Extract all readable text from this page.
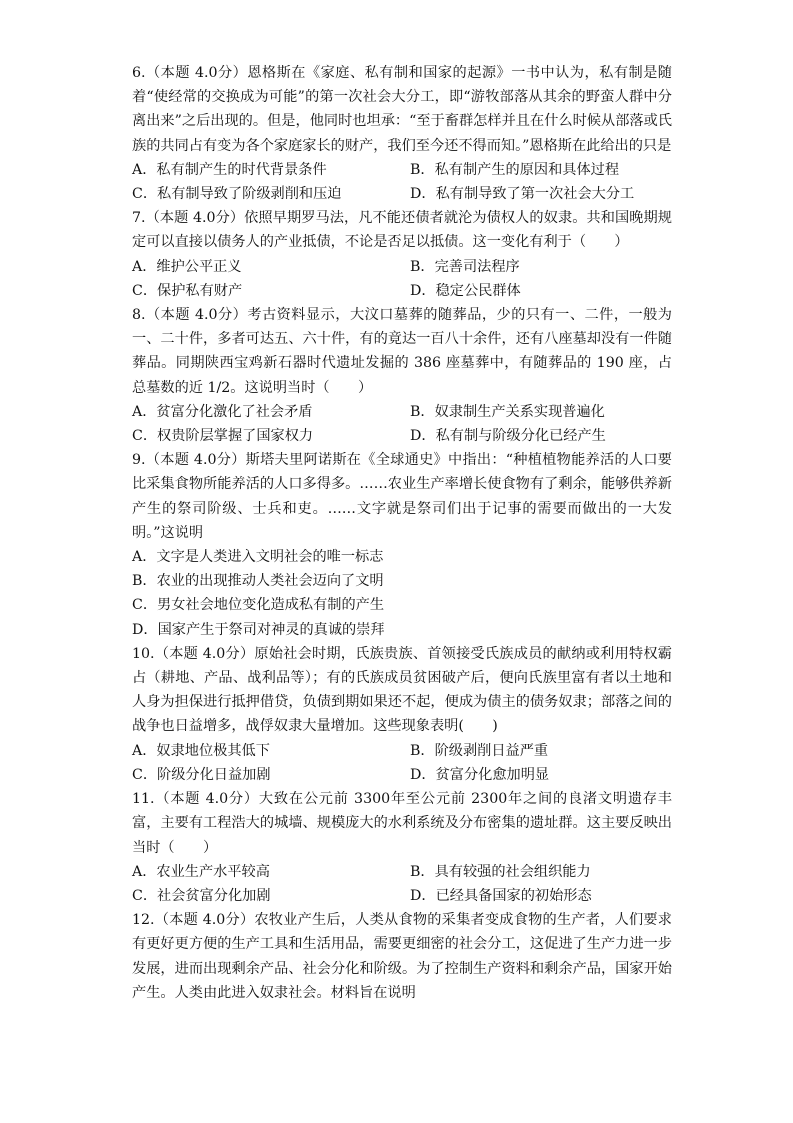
6.（本题 4.0分）恩格斯在《家庭、私有制和国家的起源》一书中认为，私有制是随着“使经常的交换成为可能”的第一次社会大分工，即“游牧部落从其余的野蛮人群中分离出来”之后出现的。但是，他同时也坦承：“至于畜群怎样并且在什么时候从部落或氏族的共同占有变为各个家庭家长的财产，我们至今还不得而知。”恩格斯在此给出的只是

A．私有制产生的时代背景条件	B．私有制产生的原因和具体过程

C．私有制导致了阶级剥削和压迫	D．私有制导致了第一次社会大分工

7.（本题 4.0分）依照早期罗马法，凡不能还债者就沦为债权人的奴隶。共和国晚期规定可以直接以债务人的产业抵债，不论是否足以抵债。这一变化有利于（　　）

A．维护公平正义	B．完善司法程序

C．保护私有财产	D．稳定公民群体

8.（本题 4.0分）考古资料显示，大汶口墓葬的随葬品，少的只有一、二件，一般为一、二十件，多者可达五、六十件，有的竟达一百八十余件，还有八座墓却没有一件随葬品。同期陕西宝鸡新石器时代遗址发掘的 386 座墓葬中，有随葬品的 190 座，占总墓数的近 1/2。这说明当时（　　）

A．贫富分化激化了社会矛盾	B．奴隶制生产关系实现普遍化

C．权贵阶层掌握了国家权力	D．私有制与阶级分化已经产生

9.（本题 4.0分）斯塔夫里阿诺斯在《全球通史》中指出：“种植植物能养活的人口要比采集食物所能养活的人口多得多。……农业生产率增长使食物有了剩余，能够供养新产生的祭司阶级、士兵和吏。……文字就是祭司们出于记事的需要而做出的一大发明。”这说明

A．文字是人类进入文明社会的唯一标志

B．农业的出现推动人类社会迈向了文明

C．男女社会地位变化造成私有制的产生

D．国家产生于祭司对神灵的真诚的崇拜

10.（本题 4.0分）原始社会时期，氏族贵族、首领接受氏族成员的献纳或利用特权霸占（耕地、产品、战利品等）；有的氏族成员贫困破产后，便向氏族里富有者以土地和人身为担保进行抵押借贷，负债到期如果还不起，便成为债主的债务奴隶；部落之间的战争也日益增多，战俘奴隶大量增加。这些现象表明(　　)

A．奴隶地位极其低下	B．阶级剥削日益严重

C．阶级分化日益加剧	D．贫富分化愈加明显

11.（本题 4.0分）大致在公元前 3300年至公元前 2300年之间的良渚文明遗存丰富，主要有工程浩大的城墙、规模庞大的水利系统及分布密集的遗址群。这主要反映出当时（　　）

A．农业生产水平较高	B．具有较强的社会组织能力

C．社会贫富分化加剧	D．已经具备国家的初始形态

12.（本题 4.0分）农牧业产生后，人类从食物的采集者变成食物的生产者，人们要求有更好更方便的生产工具和生活用品，需要更细密的社会分工，这促进了生产力进一步发展，进而出现剩余产品、社会分化和阶级。为了控制生产资料和剩余产品，国家开始产生。人类由此进入奴隶社会。材料旨在说明
